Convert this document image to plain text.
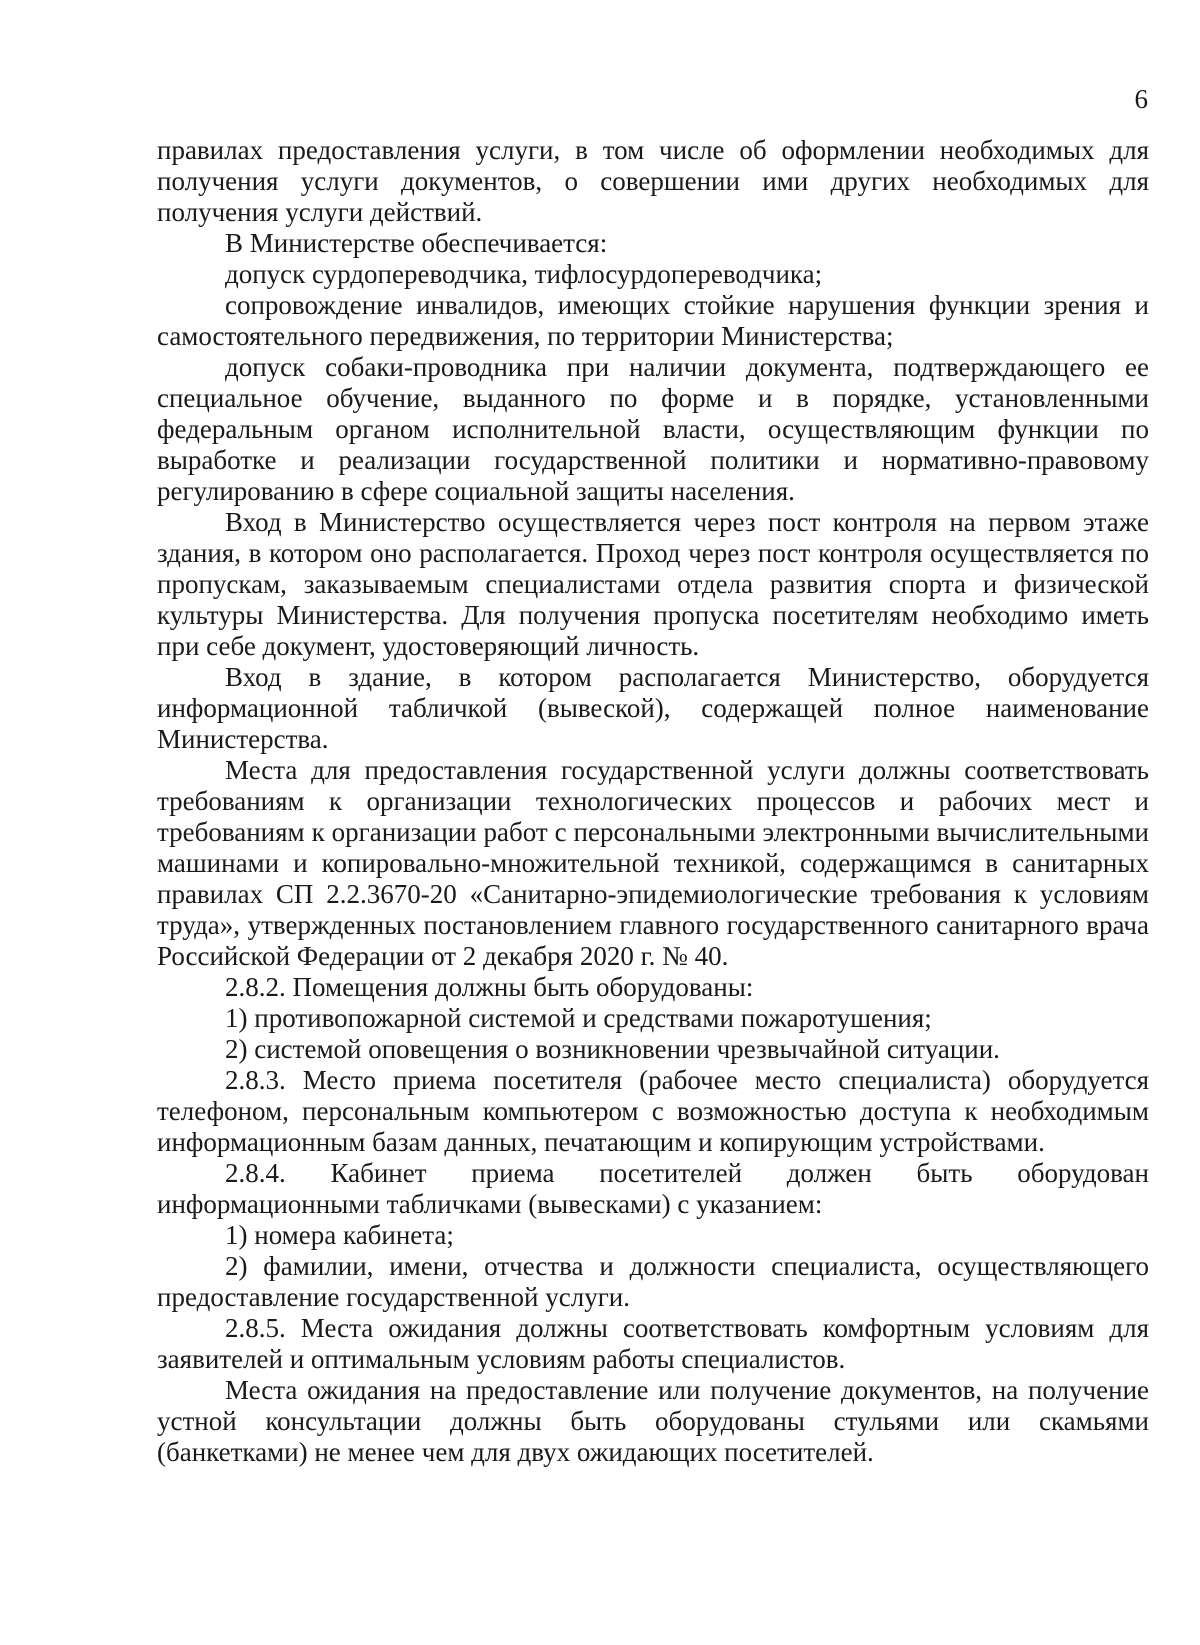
6

правилах предоставления услуги, в том числе об оформлении необходимых для получения услуги документов, о совершении ими других необходимых для получения услуги действий.

В Министерстве обеспечивается:

допуск сурдопереводчика, тифлосурдопереводчика;

сопровождение инвалидов, имеющих стойкие нарушения функции зрения и самостоятельного передвижения, по территории Министерства;

допуск собаки-проводника при наличии документа, подтверждающего ее специальное обучение, выданного по форме и в порядке, установленными федеральным органом исполнительной власти, осуществляющим функции по выработке и реализации государственной политики и нормативно-правовому регулированию в сфере социальной защиты населения.

Вход в Министерство осуществляется через пост контроля на первом этаже здания, в котором оно располагается. Проход через пост контроля осуществляется по пропускам, заказываемым специалистами отдела развития спорта и физической культуры Министерства. Для получения пропуска посетителям необходимо иметь при себе документ, удостоверяющий личность.

Вход в здание, в котором располагается Министерство, оборудуется информационной табличкой (вывеской), содержащей полное наименование Министерства.

Места для предоставления государственной услуги должны соответствовать требованиям к организации технологических процессов и рабочих мест и требованиям к организации работ с персональными электронными вычислительными машинами и копировально-множительной техникой, содержащимся в санитарных правилах СП 2.2.3670-20 «Санитарно-эпидемиологические требования к условиям труда», утвержденных постановлением главного государственного санитарного врача Российской Федерации от 2 декабря 2020 г. № 40.

2.8.2. Помещения должны быть оборудованы:

1) противопожарной системой и средствами пожаротушения;

2) системой оповещения о возникновении чрезвычайной ситуации.

2.8.3. Место приема посетителя (рабочее место специалиста) оборудуется телефоном, персональным компьютером с возможностью доступа к необходимым информационным базам данных, печатающим и копирующим устройствами.

2.8.4. Кабинет приема посетителей должен быть оборудован информационными табличками (вывесками) с указанием:

1) номера кабинета;

2) фамилии, имени, отчества и должности специалиста, осуществляющего предоставление государственной услуги.

2.8.5. Места ожидания должны соответствовать комфортным условиям для заявителей и оптимальным условиям работы специалистов.

Места ожидания на предоставление или получение документов, на получение устной консультации должны быть оборудованы стульями или скамьями (банкетками) не менее чем для двух ожидающих посетителей.
